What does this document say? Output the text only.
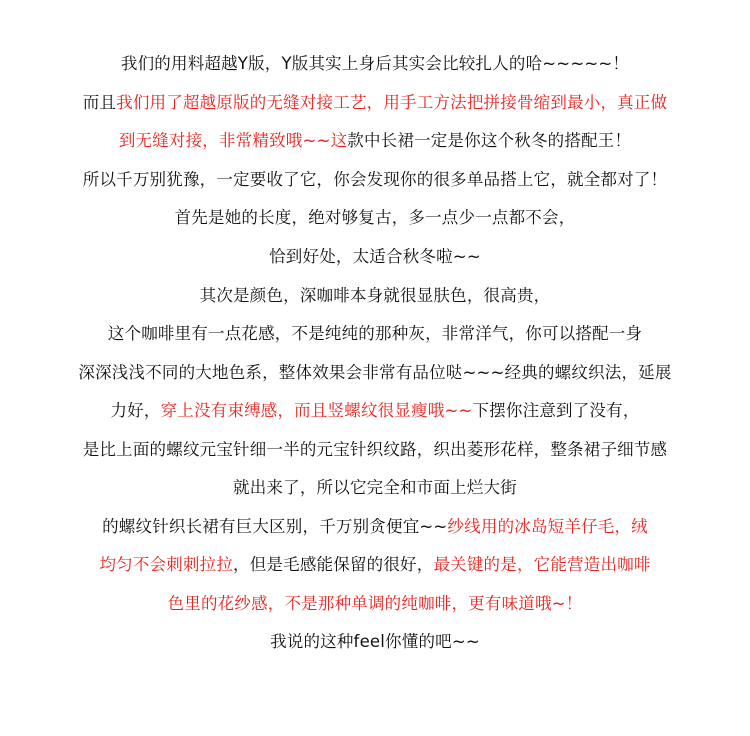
我们的用料超越Y版，Y版其实上身后其实会比较扎人的哈~~~~~！
而且我们用了超越原版的无缝对接工艺，用手工方法把拼接骨缩到最小，真正做
到无缝对接，非常精致哦~~这款中长裙一定是你这个秋冬的搭配王！
所以千万别犹豫，一定要收了它，你会发现你的很多单品搭上它，就全都对了！
首先是她的长度，绝对够复古，多一点少一点都不会，
恰到好处，太适合秋冬啦~~
其次是颜色，深咖啡本身就很显肤色，很高贵，
这个咖啡里有一点花感，不是纯纯的那种灰，非常洋气，你可以搭配一身
深深浅浅不同的大地色系，整体效果会非常有品位哒~~~经典的螺纹织法，延展
力好，穿上没有束缚感，而且竖螺纹很显瘦哦~~下摆你注意到了没有，
是比上面的螺纹元宝针细一半的元宝针织纹路，织出菱形花样，整条裙子细节感
就出来了，所以它完全和市面上烂大街
的螺纹针织长裙有巨大区别，千万别贪便宜~~纱线用的冰岛短羊仔毛，绒
均匀不会刺刺拉拉，但是毛感能保留的很好，最关键的是，它能营造出咖啡
色里的花纱感，不是那种单调的纯咖啡，更有味道哦~！
我说的这种feel你懂的吧~~
